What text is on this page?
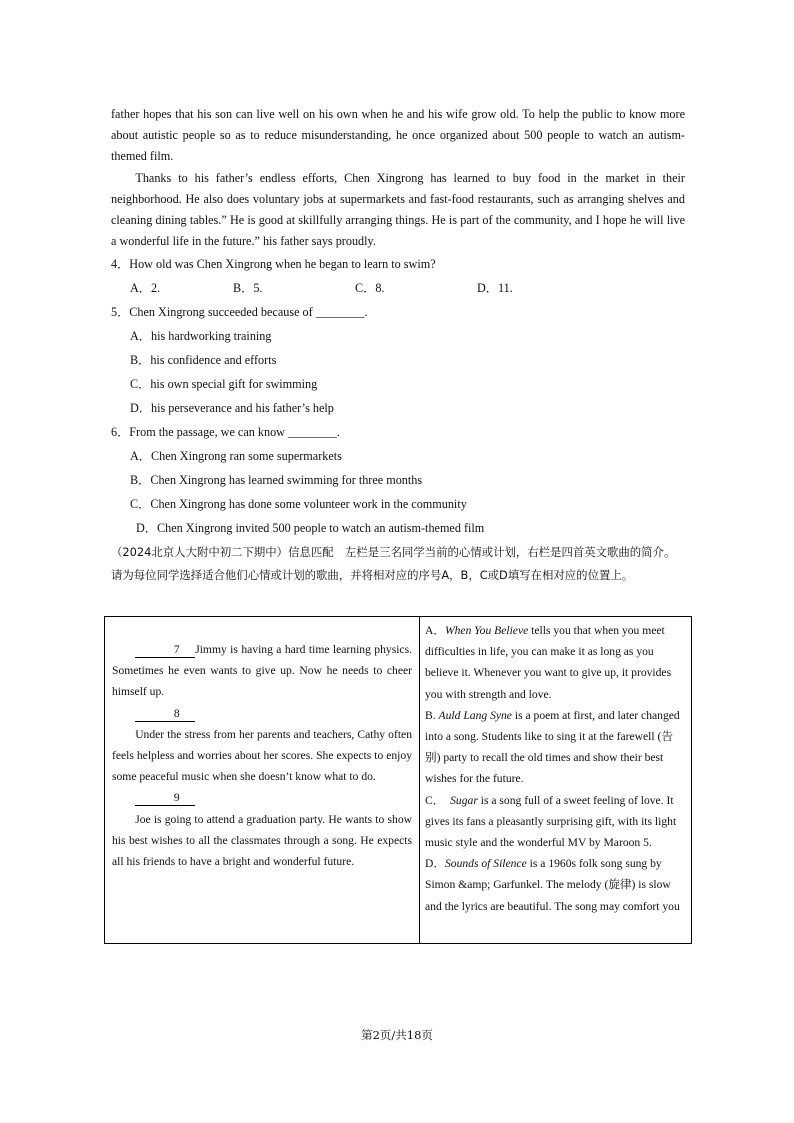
father hopes that his son can live well on his own when he and his wife grow old. To help the public to know more about autistic people so as to reduce misunderstanding, he once organized about 500 people to watch an autism-themed film.

Thanks to his father’s endless efforts, Chen Xingrong has learned to buy food in the market in their neighborhood. He also does voluntary jobs at supermarkets and fast-food restaurants, such as arranging shelves and cleaning dining tables.” He is good at skillfully arranging things. He is part of the community, and I hope he will live a wonderful life in the future.” his father says proudly.

4．How old was Chen Xingrong when he began to learn to swim?
A．2.	B．5.	C．8.	D．11.
5．Chen Xingrong succeeded because of ________.
A．his hardworking training
B．his confidence and efforts
C．his own special gift for swimming
D．his perseverance and his father’s help
6．From the passage, we can know ________.
A．Chen Xingrong ran some supermarkets
B．Chen Xingrong has learned swimming for three months
C．Chen Xingrong has done some volunteer work in the community
D．Chen Xingrong invited 500 people to watch an autism-themed film
（2024北京人大附中初二下期中）信息匹配　左栏是三名同学当前的心情或计划，右栏是四首英文歌曲的简介。请为每位同学选择适合他们心情或计划的歌曲，并将相对应的序号A，B，C或D填写在相对应的位置上。

7 Jimmy is having a hard time learning physics. Sometimes he even wants to give up. Now he needs to cheer himself up.

8

Under the stress from her parents and teachers, Cathy often feels helpless and worries about her scores. She expects to enjoy some peaceful music when she doesn’t know what to do.

9

Joe is going to attend a graduation party. He wants to show his best wishes to all the classmates through a song. He expects all his friends to have a bright and wonderful future.

A．When You Believe tells you that when you meet difficulties in life, you can make it as long as you believe it. Whenever you want to give up, it provides you with strength and love.

B. Auld Lang Syne is a poem at first, and later changed into a song. Students like to sing it at the farewell (告别) party to recall the old times and show their best wishes for the future.

C．　Sugar is a song full of a sweet feeling of love. It gives its fans a pleasantly surprising gift, with its light music style and the wonderful MV by Maroon 5.

D．Sounds of Silence is a 1960s folk song sung by Simon &amp; Garfunkel. The melody (旋律) is slow and the lyrics are beautiful. The song may comfort you

第2页/共18页
